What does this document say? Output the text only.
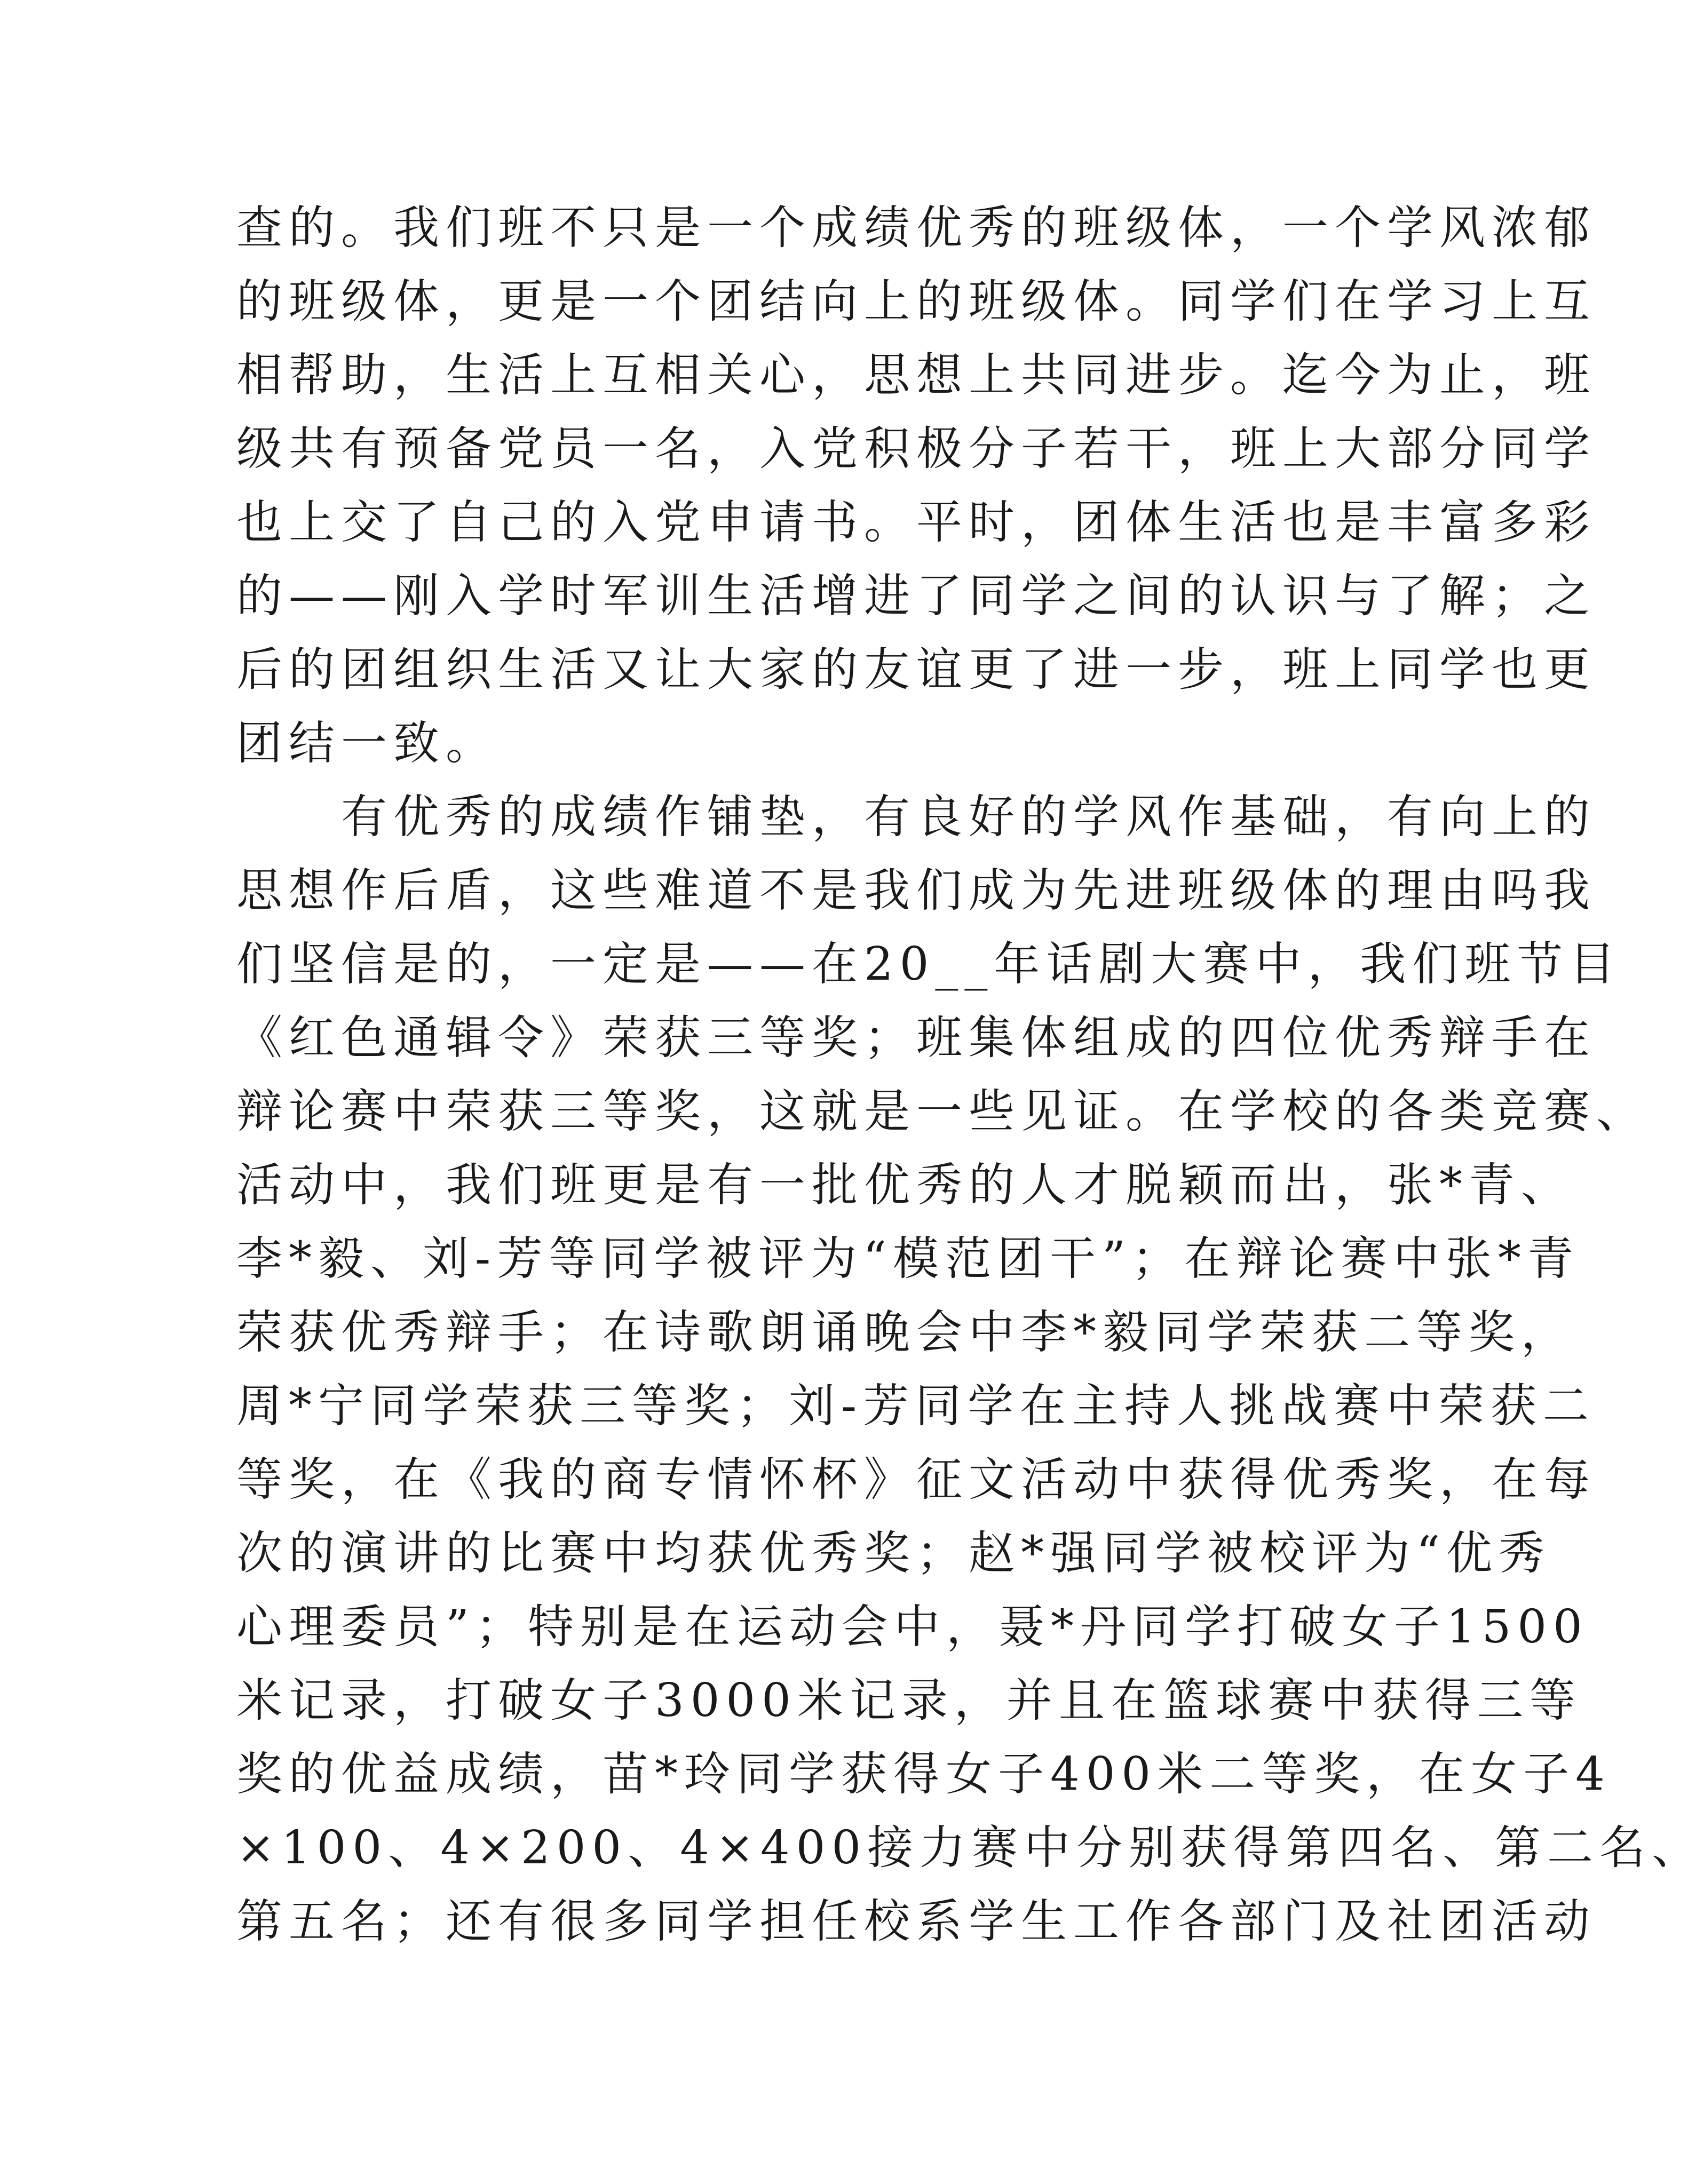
查的。我们班不只是一个成绩优秀的班级体，一个学风浓郁
的班级体，更是一个团结向上的班级体。同学们在学习上互
相帮助，生活上互相关心，思想上共同进步。迄今为止，班
级共有预备党员一名，入党积极分子若干，班上大部分同学
也上交了自己的入党申请书。平时，团体生活也是丰富多彩
的——刚入学时军训生活增进了同学之间的认识与了解；之
后的团组织生活又让大家的友谊更了进一步，班上同学也更
团结一致。
　　有优秀的成绩作铺垫，有良好的学风作基础，有向上的
思想作后盾，这些难道不是我们成为先进班级体的理由吗我
们坚信是的，一定是——在20__年话剧大赛中，我们班节目
《红色通辑令》荣获三等奖；班集体组成的四位优秀辩手在
辩论赛中荣获三等奖，这就是一些见证。在学校的各类竞赛、
活动中，我们班更是有一批优秀的人才脱颖而出，张*青、
李*毅、刘-芳等同学被评为“模范团干”；在辩论赛中张*青
荣获优秀辩手；在诗歌朗诵晚会中李*毅同学荣获二等奖，
周*宁同学荣获三等奖；刘-芳同学在主持人挑战赛中荣获二
等奖，在《我的商专情怀杯》征文活动中获得优秀奖，在每
次的演讲的比赛中均获优秀奖；赵*强同学被校评为“优秀
心理委员”；特别是在运动会中，聂*丹同学打破女子1500
米记录，打破女子3000米记录，并且在篮球赛中获得三等
奖的优益成绩，苗*玲同学获得女子400米二等奖，在女子4
×100、4×200、4×400接力赛中分别获得第四名、第二名、
第五名；还有很多同学担任校系学生工作各部门及社团活动
